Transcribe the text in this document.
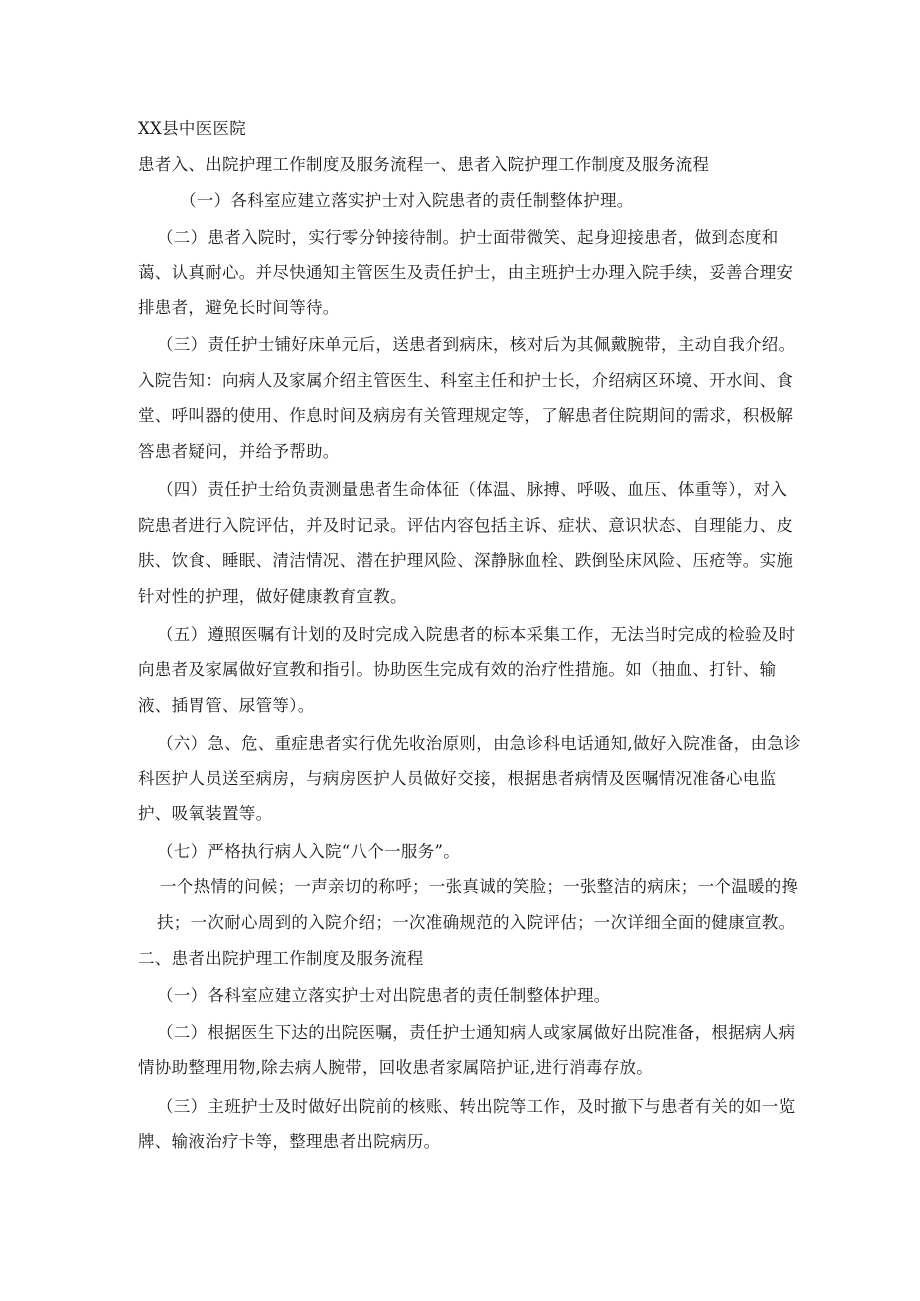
XX县中医医院
患者入、出院护理工作制度及服务流程一、患者入院护理工作制度及服务流程
（一）各科室应建立落实护士对入院患者的责任制整体护理。
（二）患者入院时，实行零分钟接待制。护士面带微笑、起身迎接患者，做到态度和
蔼、认真耐心。并尽快通知主管医生及责任护士，由主班护士办理入院手续，妥善合理安
排患者，避免长时间等待。
（三）责任护士铺好床单元后，送患者到病床，核对后为其佩戴腕带，主动自我介绍。
入院告知：向病人及家属介绍主管医生、科室主任和护士长，介绍病区环境、开水间、食
堂、呼叫器的使用、作息时间及病房有关管理规定等，了解患者住院期间的需求，积极解
答患者疑问，并给予帮助。
（四）责任护士给负责测量患者生命体征（体温、脉搏、呼吸、血压、体重等），对入
院患者进行入院评估，并及时记录。评估内容包括主诉、症状、意识状态、自理能力、皮
肤、饮食、睡眠、清洁情况、潜在护理风险、深静脉血栓、跌倒坠床风险、压疮等。实施
针对性的护理，做好健康教育宣教。
（五）遵照医嘱有计划的及时完成入院患者的标本采集工作，无法当时完成的检验及时
向患者及家属做好宣教和指引。协助医生完成有效的治疗性措施。如（抽血、打针、输
液、插胃管、尿管等）。
（六）急、危、重症患者实行优先收治原则，由急诊科电话通知,做好入院准备，由急诊
科医护人员送至病房，与病房医护人员做好交接，根据患者病情及医嘱情况准备心电监
护、吸氧装置等。
（七）严格执行病人入院“八个一服务”。
一个热情的问候；一声亲切的称呼；一张真诚的笑脸；一张整洁的病床；一个温暖的搀
扶；一次耐心周到的入院介绍；一次准确规范的入院评估；一次详细全面的健康宣教。
二、患者出院护理工作制度及服务流程
（一）各科室应建立落实护士对出院患者的责任制整体护理。
（二）根据医生下达的出院医嘱，责任护士通知病人或家属做好出院准备，根据病人病
情协助整理用物,除去病人腕带，回收患者家属陪护证,进行消毒存放。
（三）主班护士及时做好出院前的核账、转出院等工作，及时撤下与患者有关的如一览
牌、输液治疗卡等，整理患者出院病历。
